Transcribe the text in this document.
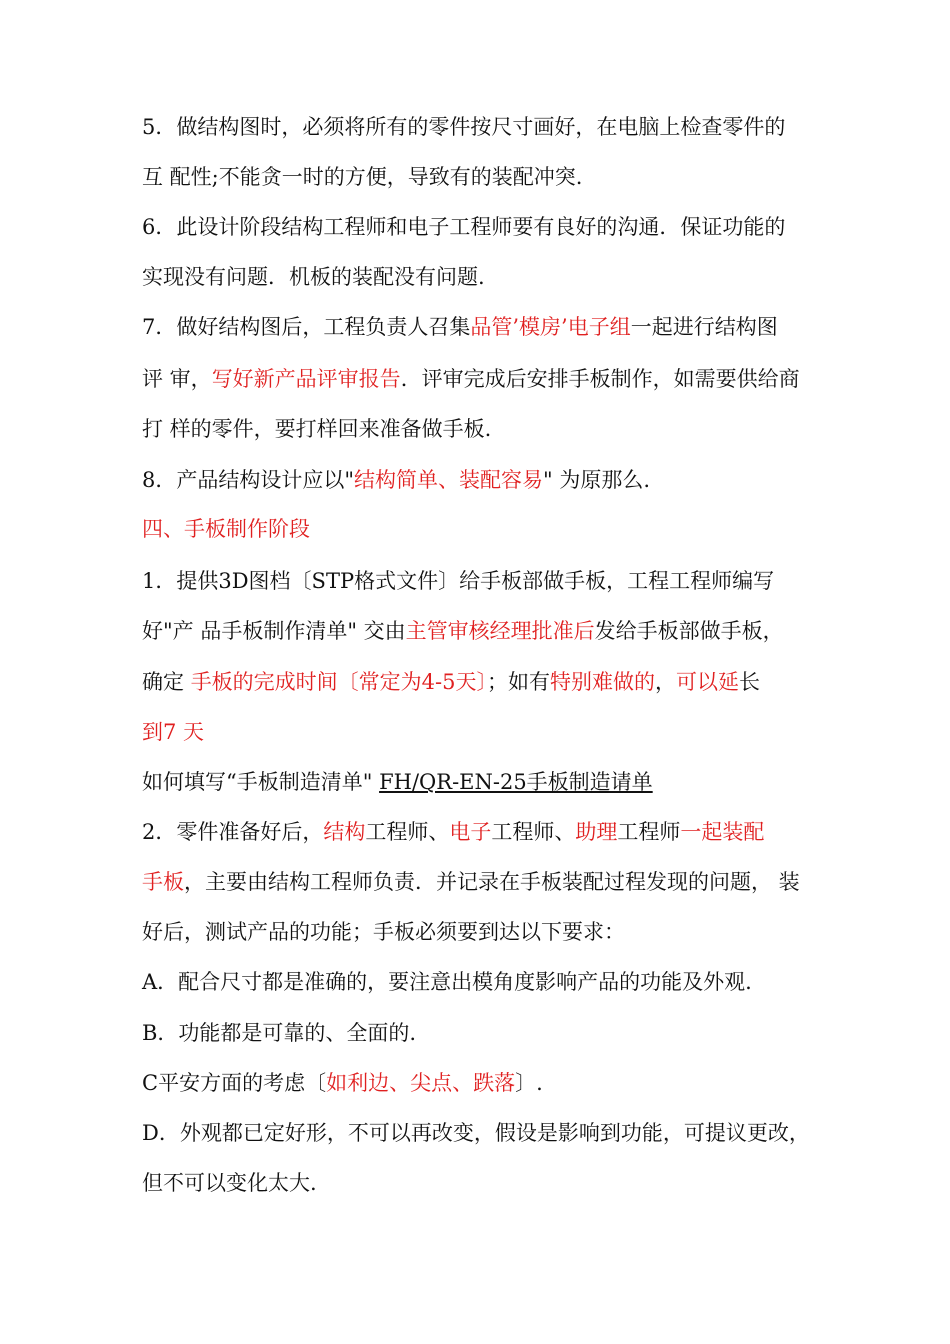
5．做结构图时，必须将所有的零件按尺寸画好，在电脑上检查零件的
互 配性;不能贪一时的方便，导致有的装配冲突.
6．此设计阶段结构工程师和电子工程师要有良好的沟通．保证功能的
实现没有问题．机板的装配没有问题.
7．做好结构图后，工程负责人召集品管’模房’电子组一起进行结构图
评 审，写好新产品评审报告．评审完成后安排手板制作，如需要供给商
打 样的零件，要打样回来准备做手板.
8．产品结构设计应以"结构简单、装配容易" 为原那么.
四、手板制作阶段
1．提供3D图档〔STP格式文件〕给手板部做手板，工程工程师编写
好"产 品手板制作清单" 交由主管审核经理批准后发给手板部做手板，
确定 手板的完成时间〔常定为4-5天〕；如有特别难做的，可以延长
到7 天
如何填写“手板制造清单" FH/QR-EN-25手板制造请单
2．零件准备好后，结构工程师、电子工程师、助理工程师一起装配
手板，主要由结构工程师负责．并记录在手板装配过程发现的问题， 装
好后，测试产品的功能；手板必须要到达以下要求：
A．配合尺寸都是准确的，要注意出模角度影响产品的功能及外观.
B．功能都是可靠的、全面的.
C平安方面的考虑〔如利边、尖点、跌落〕.
D．外观都已定好形，不可以再改变，假设是影响到功能，可提议更改，
但不可以变化太大.
